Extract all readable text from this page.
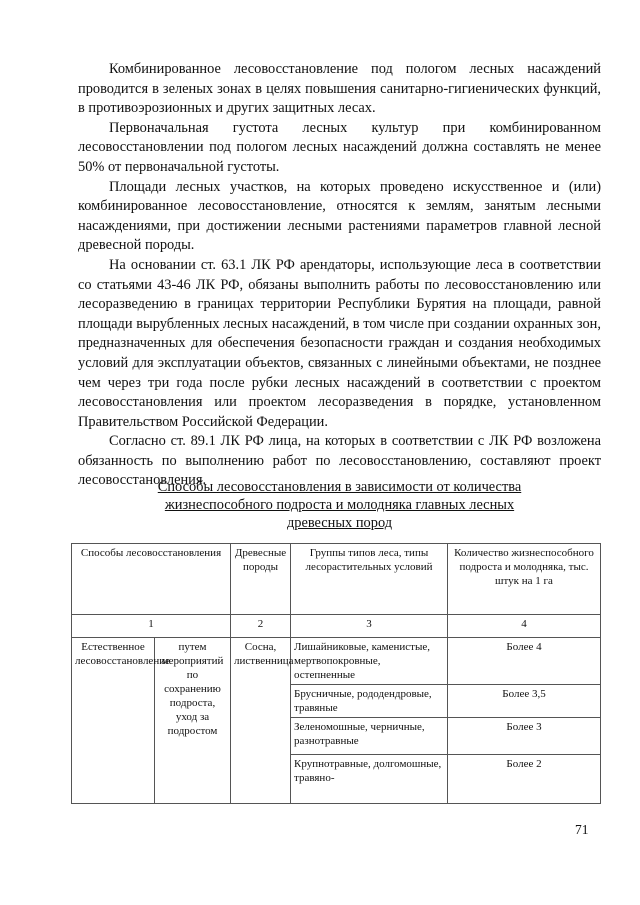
Комбинированное лесовосстановление под пологом лесных насаждений проводится в зеленых зонах в целях повышения санитарно-гигиенических функций, в противоэрозионных и других защитных лесах.

Первоначальная густота лесных культур при комбинированном лесовосстановлении под пологом лесных насаждений должна составлять не менее 50% от первоначальной густоты.

Площади лесных участков, на которых проведено искусственное и (или) комбинированное лесовосстановление, относятся к землям, занятым лесными насаждениями, при достижении лесными растениями параметров главной лесной древесной породы.

На основании ст. 63.1 ЛК РФ арендаторы, использующие леса в соответствии со статьями 43-46 ЛК РФ, обязаны выполнить работы по лесовосстановлению или лесоразведению в границах территории Республики Бурятия на площади, равной площади вырубленных лесных насаждений, в том числе при создании охранных зон, предназначенных для обеспечения безопасности граждан и создания необходимых условий для эксплуатации объектов, связанных с линейными объектами, не позднее чем через три года после рубки лесных насаждений в соответствии с проектом лесовосстановления или проектом лесоразведения в порядке, установленном Правительством Российской Федерации.

Согласно ст. 89.1 ЛК РФ лица, на которых в соответствии с ЛК РФ возложена обязанность по выполнению работ по лесовосстановлению, составляют проект лесовосстановления.

Способы лесовосстановления в зависимости от количества
жизнеспособного подроста и молодняка главных лесных
древесных пород
Способы лесовосстановления		Древесные породы	Группы типов леса, типы лесорастительных условий	Количество жизнеспособного подроста и молодняка, тыс. штук на 1 га
1		2	3	4
Естественное лесовосстановление	путем мероприятий по сохранению подроста, уход за подростом	Сосна, лиственница	Лишайниковые, каменистые, мертвопокровные, остепненные	Более 4
			Брусничные, рододендровые, травяные	Более 3,5
			Зеленомошные, черничные, разнотравные	Более 3
			Крупнотравные, долгомошные, травяно-	Более 2
71
